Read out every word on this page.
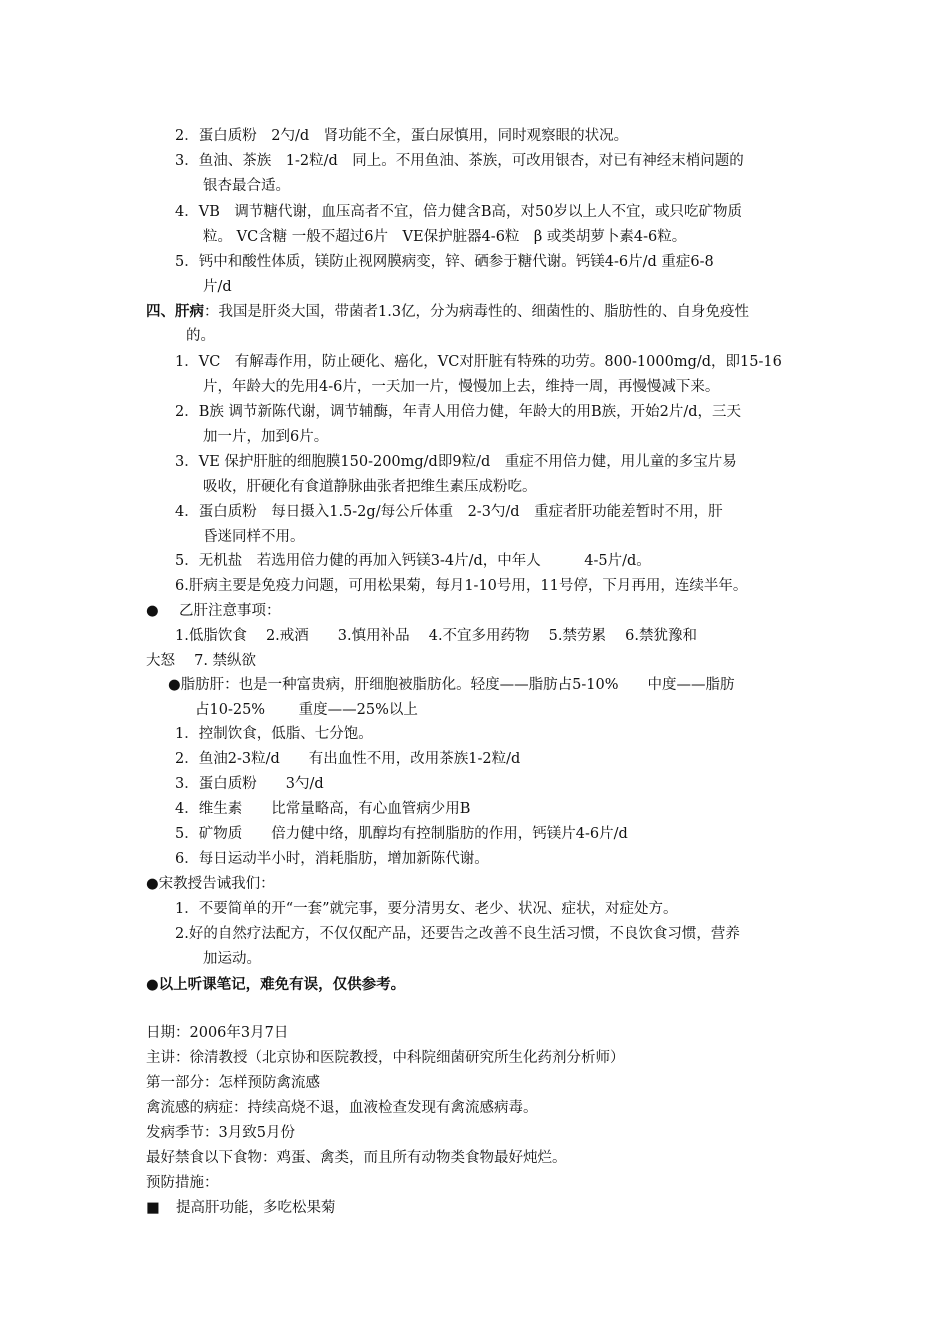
2．蛋白质粉　2勺/d　肾功能不全，蛋白尿慎用，同时观察眼的状况。
3．鱼油、茶族　1-2粒/d　同上。不用鱼油、茶族，可改用银杏，对已有神经末梢问题的
银杏最合适。
4．VB　调节糖代谢，血压高者不宜，倍力健含B高，对50岁以上人不宜，或只吃矿物质
粒。 VC含糖 一般不超过6片　VE保护脏器4-6粒　β 或类胡萝卜素4-6粒。
5．钙中和酸性体质，镁防止视网膜病变，锌、硒参于糖代谢。钙镁4-6片/d 重症6-8
片/d
四、肝病：我国是肝炎大国，带菌者1.3亿，分为病毒性的、细菌性的、脂肪性的、自身免疫性
的。
1．VC　有解毒作用，防止硬化、癌化，VC对肝脏有特殊的功劳。800-1000mg/d，即15-16
片，年龄大的先用4-6片，一天加一片，慢慢加上去，维持一周，再慢慢减下来。
2．B族 调节新陈代谢，调节辅酶，年青人用倍力健，年龄大的用B族，开始2片/d，三天
加一片，加到6片。
3．VE 保护肝脏的细胞膜150-200mg/d即9粒/d　重症不用倍力健，用儿童的多宝片易
吸收，肝硬化有食道静脉曲张者把维生素压成粉吃。
4．蛋白质粉　每日摄入1.5-2g/每公斤体重　2-3勺/d　重症者肝功能差暂时不用，肝
昏迷同样不用。
5．无机盐　若选用倍力健的再加入钙镁3-4片/d，中年人　　　4-5片/d。
6.肝病主要是免疫力问题，可用松果菊，每月1-10号用，11号停，下月再用，连续半年。
● 乙肝注意事项：
1.低脂饮食　 2.戒酒　　3.慎用补品　 4.不宜多用药物　 5.禁劳累　 6.禁犹豫和
大怒　 7. 禁纵欲
●脂肪肝：也是一种富贵病，肝细胞被脂肪化。轻度——脂肪占5-10%　　中度——脂肪
占10-25%　　 重度——25%以上
1．控制饮食，低脂、七分饱。
2．鱼油2-3粒/d　　有出血性不用，改用茶族1-2粒/d
3．蛋白质粉　　3勺/d
4．维生素　　比常量略高，有心血管病少用B
5．矿物质　　倍力健中络，肌醇均有控制脂肪的作用，钙镁片4-6片/d
6．每日运动半小时，消耗脂肪，增加新陈代谢。
●宋教授告诫我们：
1．不要简单的开“一套”就完事，要分清男女、老少、状况、症状，对症处方。
2.好的自然疗法配方，不仅仅配产品，还要告之改善不良生活习惯，不良饮食习惯，营养
加运动。
●以上听课笔记，难免有误，仅供参考。
日期：2006年3月7日
主讲：徐清教授（北京协和医院教授，中科院细菌研究所生化药剂分析师）
第一部分：怎样预防禽流感
禽流感的病症：持续高烧不退，血液检查发现有禽流感病毒。
发病季节：3月致5月份
最好禁食以下食物：鸡蛋、禽类，而且所有动物类食物最好炖烂。
预防措施：
■ 提高肝功能，多吃松果菊
